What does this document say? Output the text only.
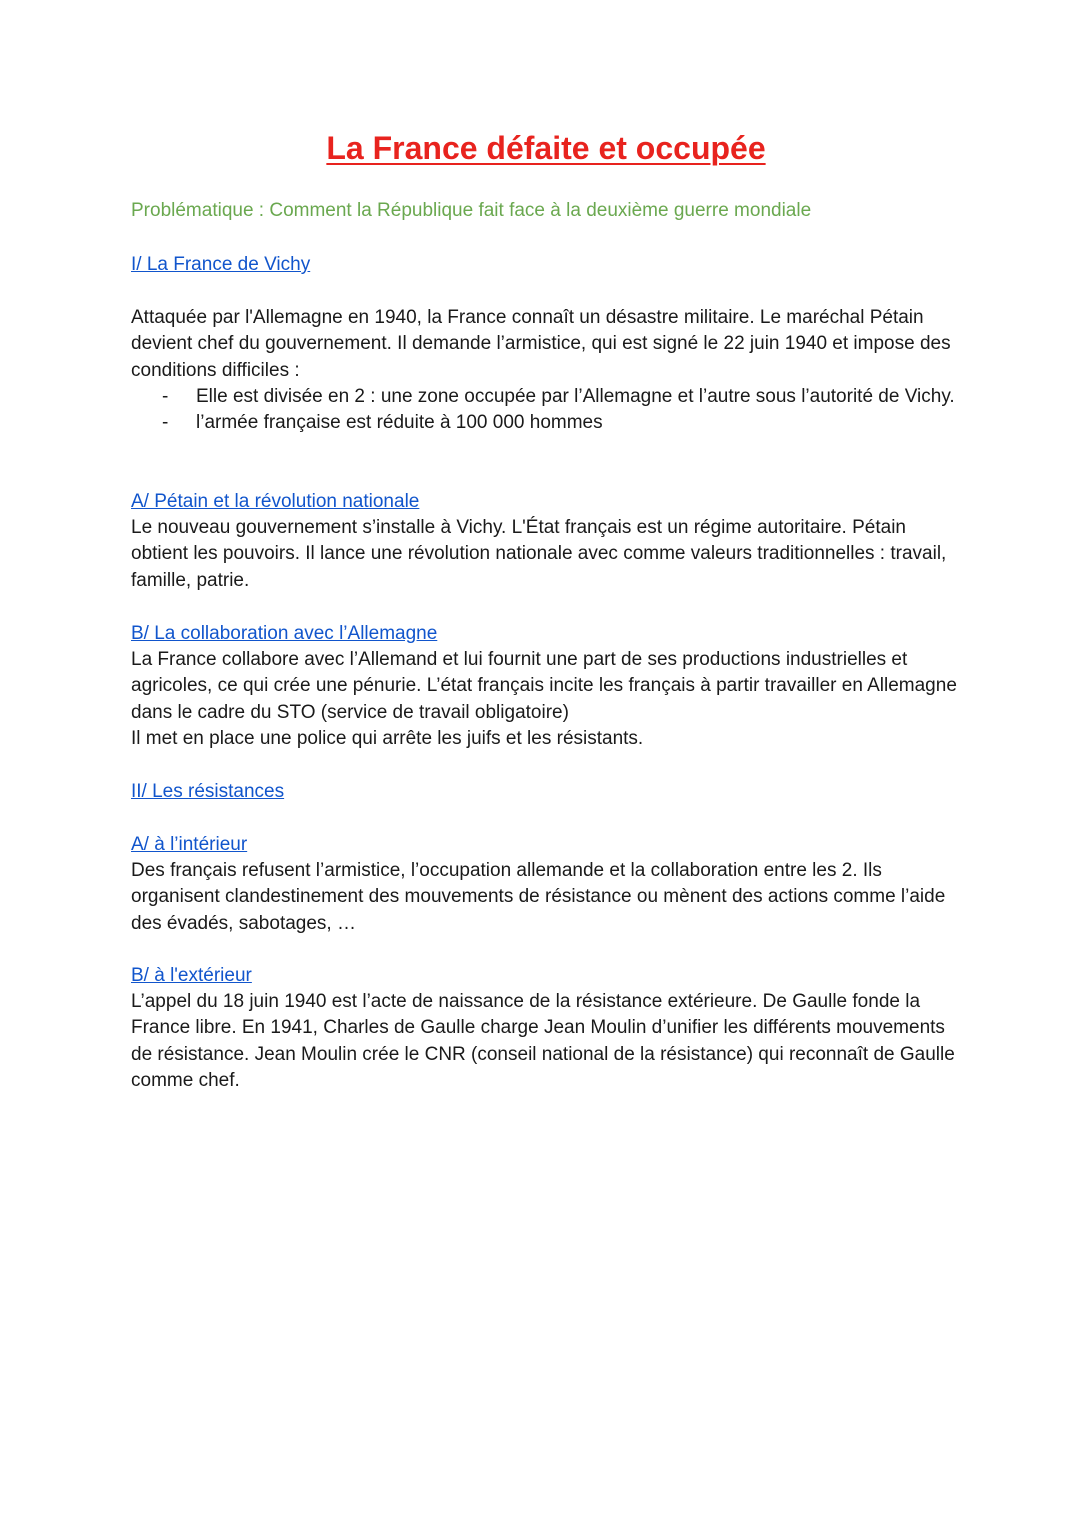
La France défaite et occupée

Problématique : Comment la République fait face à la deuxième guerre mondiale

I/ La France de Vichy

Attaquée par l'Allemagne en 1940, la France connaît un désastre militaire. Le maréchal Pétain devient chef du gouvernement. Il demande l’armistice, qui est signé le 22 juin 1940 et impose des conditions difficiles :

- Elle est divisée en 2 : une zone occupée par l’Allemagne et l’autre sous l’autorité de Vichy.
- l’armée française est réduite à 100 000 hommes

A/ Pétain et la révolution nationale

Le nouveau gouvernement s’installe à Vichy. L'État français est un régime autoritaire. Pétain obtient les pouvoirs. Il lance une révolution nationale avec comme valeurs traditionnelles : travail, famille, patrie.

B/ La collaboration avec l’Allemagne

La France collabore avec l’Allemand et lui fournit une part de ses productions industrielles et agricoles, ce qui crée une pénurie. L’état français incite les français à partir travailler en Allemagne dans le cadre du STO (service de travail obligatoire)

Il met en place une police qui arrête les juifs et les résistants.

II/ Les résistances

A/ à l’intérieur

Des français refusent l’armistice, l’occupation allemande et la collaboration entre les 2. Ils organisent clandestinement des mouvements de résistance ou mènent des actions comme l’aide des évadés, sabotages, …

B/ à l'extérieur

L’appel du 18 juin 1940 est l’acte de naissance de la résistance extérieure. De Gaulle fonde la France libre. En 1941, Charles de Gaulle charge Jean Moulin d’unifier les différents mouvements de résistance. Jean Moulin crée le CNR (conseil national de la résistance) qui reconnaît de Gaulle comme chef.
